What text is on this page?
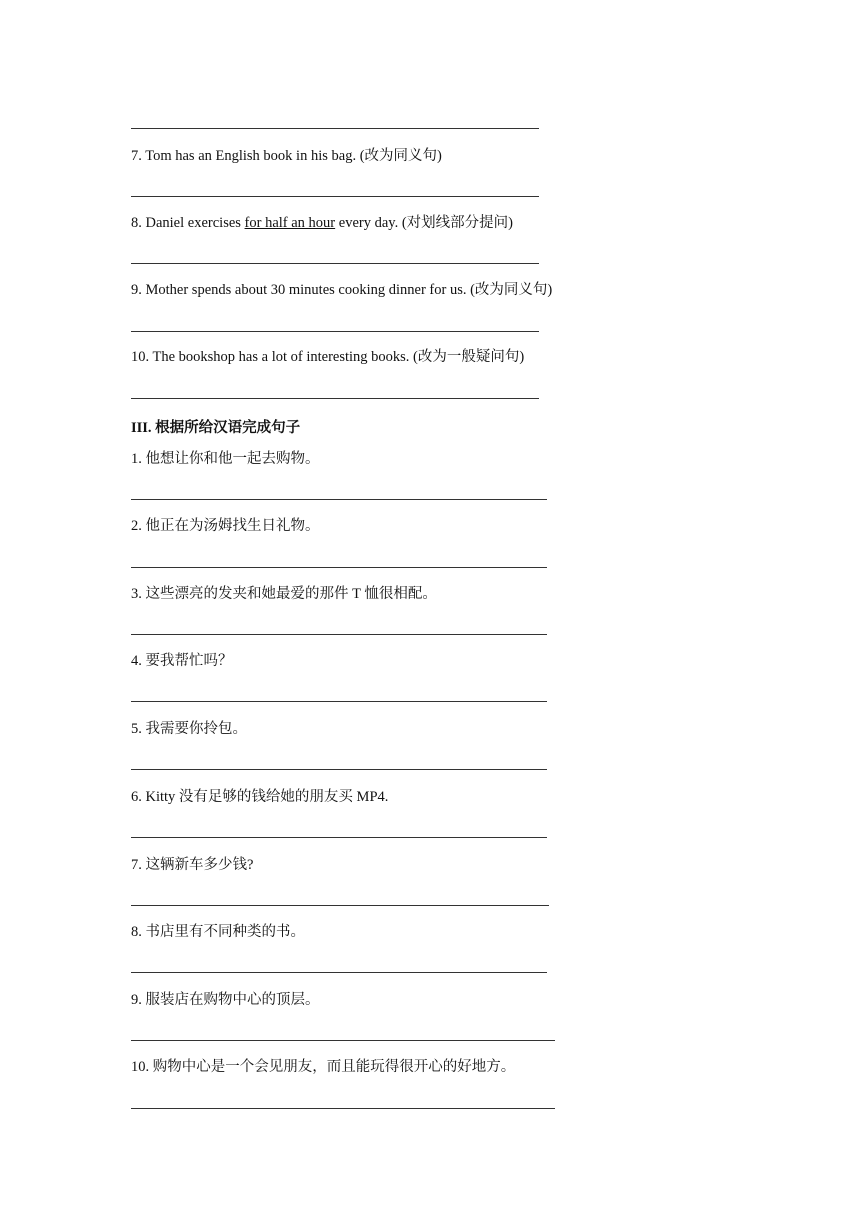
7. Tom has an English book in his bag. (改为同义句)
8. Daniel exercises for half an hour every day. (对划线部分提问)
9. Mother spends about 30 minutes cooking dinner for us. (改为同义句)
10. The bookshop has a lot of interesting books. (改为一般疑问句)
III. 根据所给汉语完成句子
1. 他想让你和他一起去购物。
2. 他正在为汤姆找生日礼物。
3. 这些漂亮的发夹和她最爱的那件 T 恤很相配。
4. 要我帮忙吗？
5. 我需要你拎包。
6. Kitty 没有足够的钱给她的朋友买 MP4.
7. 这辆新车多少钱?
8. 书店里有不同种类的书。
9. 服装店在购物中心的顶层。
10. 购物中心是一个会见朋友，而且能玩得很开心的好地方。
